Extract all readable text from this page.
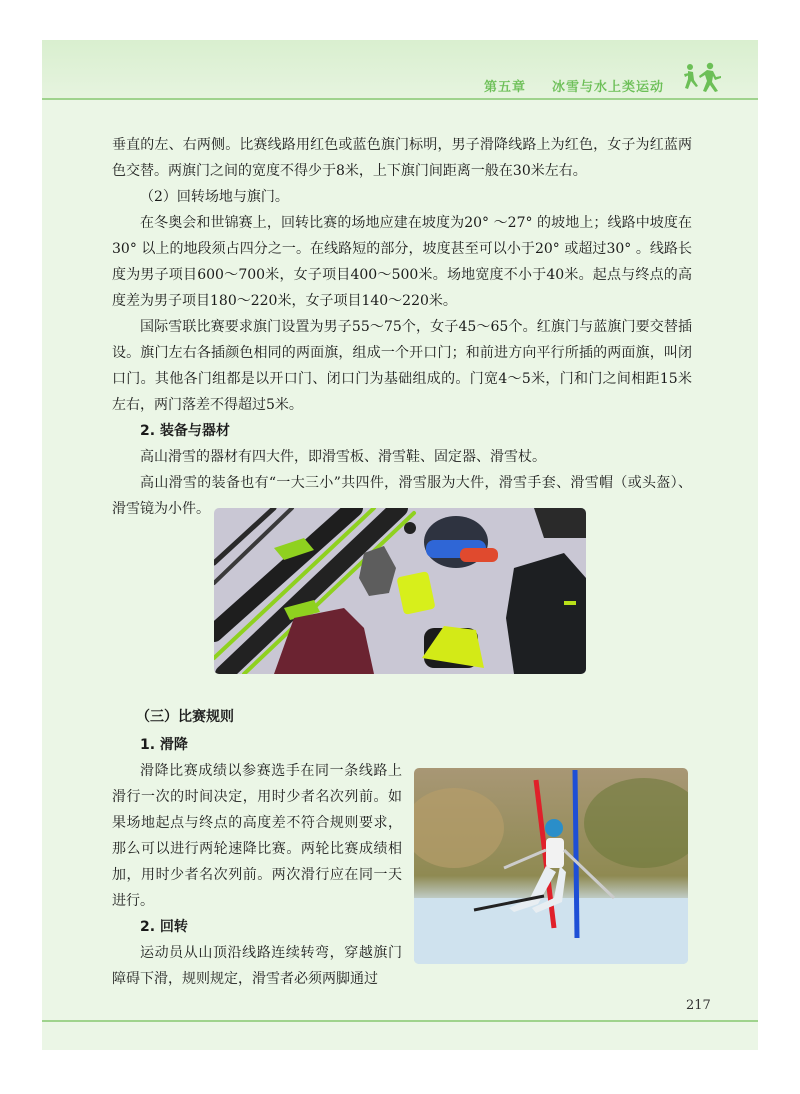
第五章 冰雪与水上类运动

垂直的左、右两侧。比赛线路用红色或蓝色旗门标明，男子滑降线路上为红色，女子为红蓝两色交替。两旗门之间的宽度不得少于8米，上下旗门间距离一般在30米左右。

（2）回转场地与旗门。

在冬奥会和世锦赛上，回转比赛的场地应建在坡度为20° ～27° 的坡地上；线路中坡度在30° 以上的地段须占四分之一。在线路短的部分，坡度甚至可以小于20° 或超过30° 。线路长度为男子项目600～700米，女子项目400～500米。场地宽度不小于40米。起点与终点的高度差为男子项目180～220米，女子项目140～220米。

国际雪联比赛要求旗门设置为男子55～75个，女子45～65个。红旗门与蓝旗门要交替插设。旗门左右各插颜色相同的两面旗，组成一个开口门；和前进方向平行所插的两面旗，叫闭口门。其他各门组都是以开口门、闭口门为基础组成的。门宽4～5米，门和门之间相距15米左右，两门落差不得超过5米。

2. 装备与器材

高山滑雪的器材有四大件，即滑雪板、滑雪鞋、固定器、滑雪杖。

高山滑雪的装备也有“一大三小”共四件，滑雪服为大件，滑雪手套、滑雪帽（或头盔）、滑雪镜为小件。

（三）比赛规则

1. 滑降

滑降比赛成绩以参赛选手在同一条线路上滑行一次的时间决定，用时少者名次列前。如果场地起点与终点的高度差不符合规则要求，那么可以进行两轮速降比赛。两轮比赛成绩相加，用时少者名次列前。两次滑行应在同一天进行。

2. 回转

运动员从山顶沿线路连续转弯，穿越旗门障碍下滑，规则规定，滑雪者必须两脚通过

217
